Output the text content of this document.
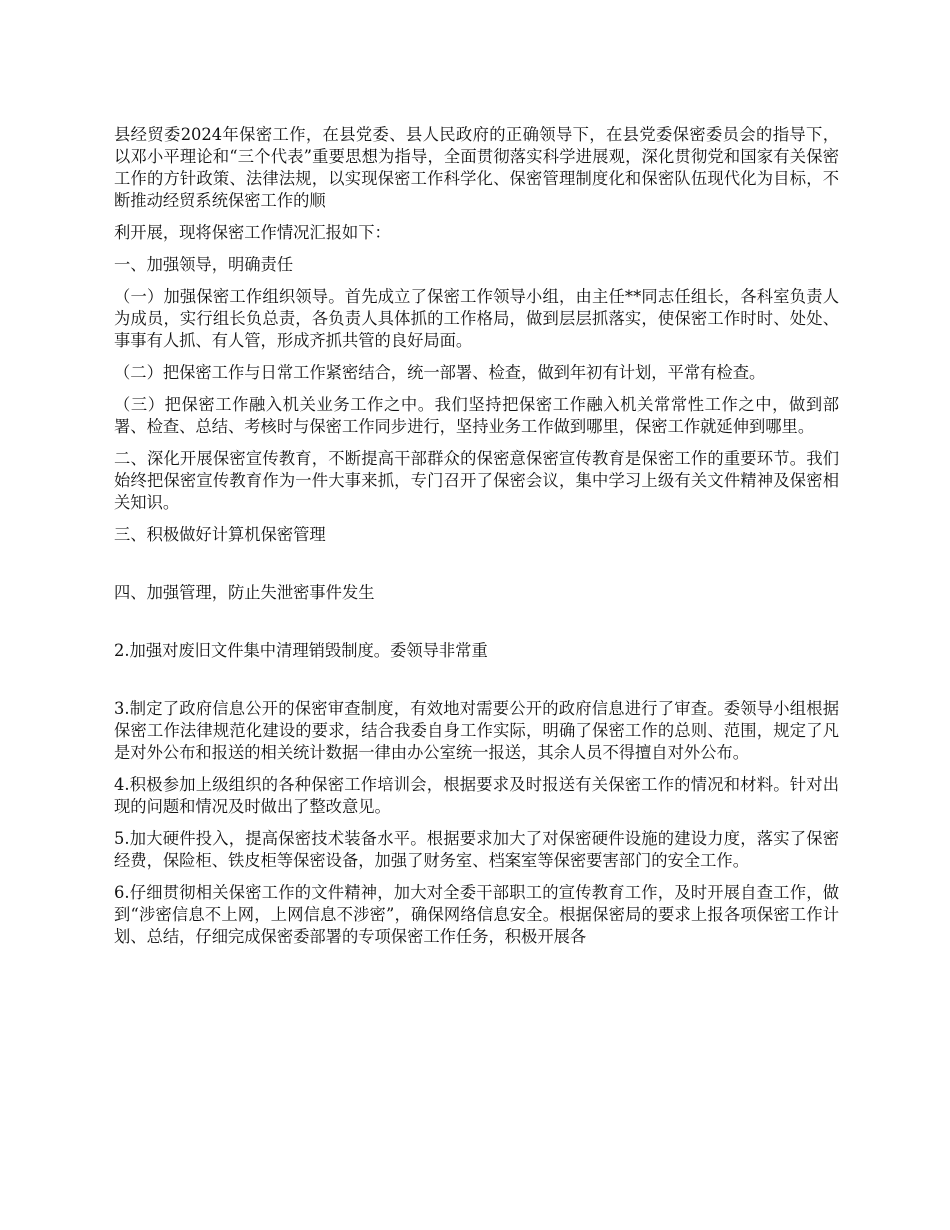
县经贸委2024年保密工作，在县党委、县人民政府的正确领导下，在县党委保密委员会的指导下，以邓小平理论和“三个代表”重要思想为指导，全面贯彻落实科学进展观，深化贯彻党和国家有关保密工作的方针政策、法律法规，以实现保密工作科学化、保密管理制度化和保密队伍现代化为目标，不断推动经贸系统保密工作的顺

利开展，现将保密工作情况汇报如下：

一、加强领导，明确责任

（一）加强保密工作组织领导。首先成立了保密工作领导小组，由主任**同志任组长，各科室负责人为成员，实行组长负总责，各负责人具体抓的工作格局，做到层层抓落实，使保密工作时时、处处、事事有人抓、有人管，形成齐抓共管的良好局面。

（二）把保密工作与日常工作紧密结合，统一部署、检查，做到年初有计划，平常有检查。

（三）把保密工作融入机关业务工作之中。我们坚持把保密工作融入机关常常性工作之中，做到部署、检查、总结、考核时与保密工作同步进行，坚持业务工作做到哪里，保密工作就延伸到哪里。

二、深化开展保密宣传教育，不断提高干部群众的保密意保密宣传教育是保密工作的重要环节。我们始终把保密宣传教育作为一件大事来抓，专门召开了保密会议，集中学习上级有关文件精神及保密相关知识。

三、积极做好计算机保密管理

四、加强管理，防止失泄密事件发生

2.加强对废旧文件集中清理销毁制度。委领导非常重

3.制定了政府信息公开的保密审查制度，有效地对需要公开的政府信息进行了审查。委领导小组根据保密工作法律规范化建设的要求，结合我委自身工作实际，明确了保密工作的总则、范围，规定了凡是对外公布和报送的相关统计数据一律由办公室统一报送，其余人员不得擅自对外公布。

4.积极参加上级组织的各种保密工作培训会，根据要求及时报送有关保密工作的情况和材料。针对出现的问题和情况及时做出了整改意见。

5.加大硬件投入，提高保密技术装备水平。根据要求加大了对保密硬件设施的建设力度，落实了保密经费，保险柜、铁皮柜等保密设备，加强了财务室、档案室等保密要害部门的安全工作。

6.仔细贯彻相关保密工作的文件精神，加大对全委干部职工的宣传教育工作，及时开展自查工作，做到“涉密信息不上网，上网信息不涉密”，确保网络信息安全。根据保密局的要求上报各项保密工作计划、总结，仔细完成保密委部署的专项保密工作任务，积极开展各
